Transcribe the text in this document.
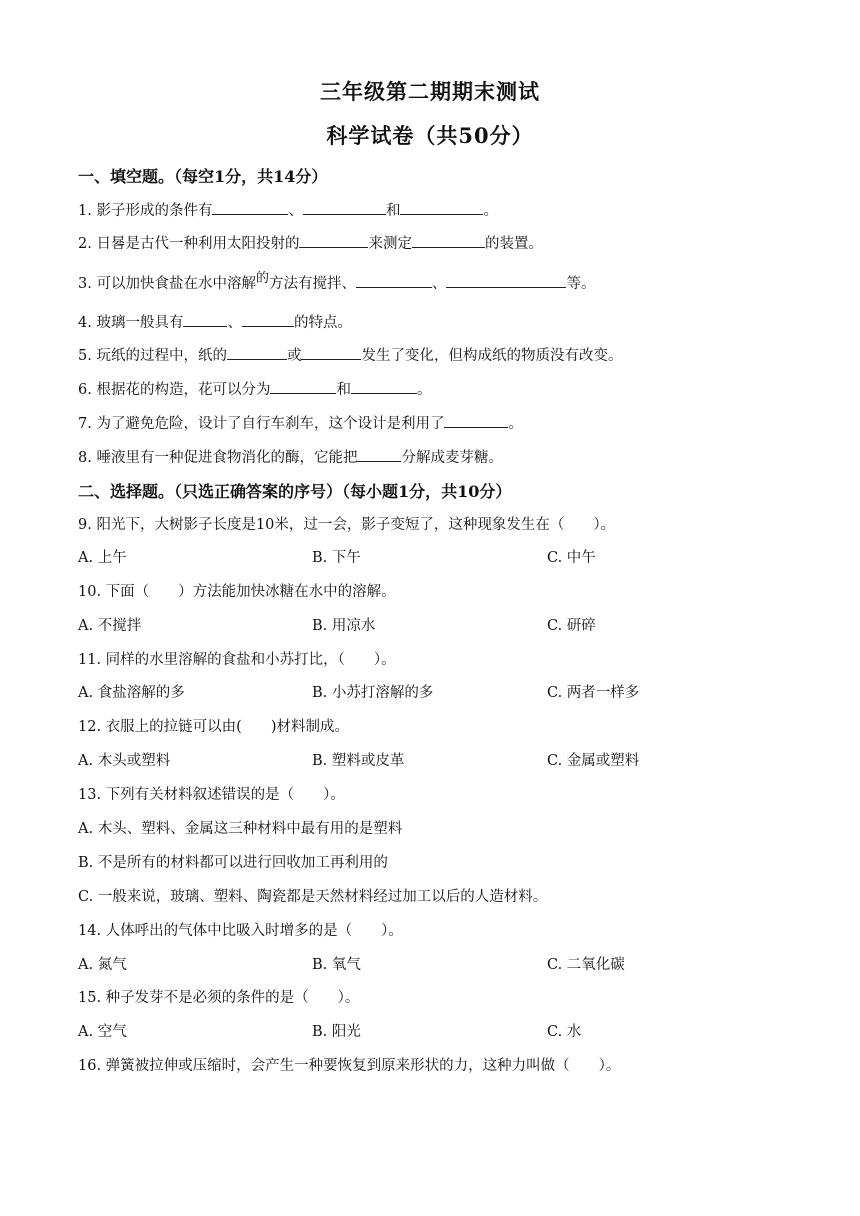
三年级第二期期末测试
科学试卷（共50分）
一、填空题。（每空1分，共14分）
1. 影子形成的条件有	、	和	。
2. 日晷是古代一种利用太阳投射的	来测定	的装置。
3. 可以加快食盐在水中溶解的方法有搅拌、	、	等。
4. 玻璃一般具有	、	的特点。
5. 玩纸的过程中，纸的	或	发生了变化，但构成纸的物质没有改变。
6. 根据花的构造，花可以分为	和	。
7. 为了避免危险，设计了自行车刹车，这个设计是利用了	。
8. 唾液里有一种促进食物消化的酶，它能把	分解成麦芽糖。
二、选择题。（只选正确答案的序号）（每小题1分，共10分）
9. 阳光下，大树影子长度是10米，过一会，影子变短了，这种现象发生在（　　）。
A. 上午	B. 下午	C. 中午
10. 下面（　　）方法能加快冰糖在水中的溶解。
A. 不搅拌	B. 用凉水	C. 研碎
11. 同样的水里溶解的食盐和小苏打比，（　　）。
A. 食盐溶解的多	B. 小苏打溶解的多	C. 两者一样多
12. 衣服上的拉链可以由(　　)材料制成。
A. 木头或塑料	B. 塑料或皮革	C. 金属或塑料
13. 下列有关材料叙述错误的是（　　）。
A. 木头、塑料、金属这三种材料中最有用的是塑料
B. 不是所有的材料都可以进行回收加工再利用的
C. 一般来说，玻璃、塑料、陶瓷都是天然材料经过加工以后的人造材料。
14. 人体呼出的气体中比吸入时增多的是（　　）。
A. 氮气	B. 氧气	C. 二氧化碳
15. 种子发芽不是必须的条件的是（　　）。
A. 空气	B. 阳光	C. 水
16. 弹簧被拉伸或压缩时，会产生一种要恢复到原来形状的力，这种力叫做（　　）。
